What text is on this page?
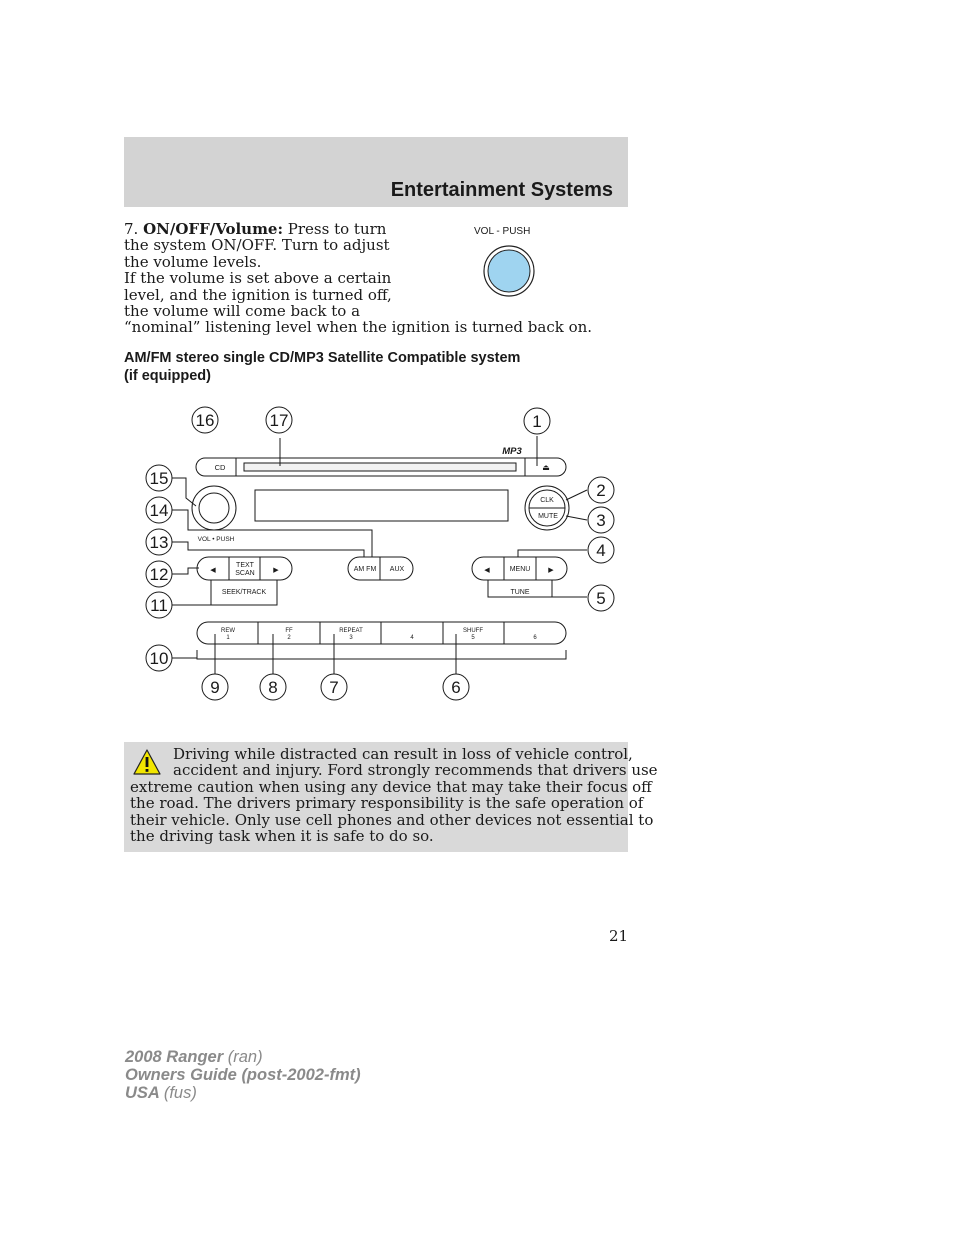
Entertainment Systems
7. ON/OFF/Volume: Press to turn
the system ON/OFF. Turn to adjust
the volume levels.
If the volume is set above a certain
level, and the ignition is turned off,
the volume will come back to a
“nominal” listening level when the ignition is turned back on.
VOL - PUSH
AM/FM stereo single CD/MP3 Satellite Compatible system
(if equipped)
CD	⏏
MP3
CLK
MUTE
VOL • PUSH
◀	▶
TEXT
SCAN
SEEK/TRACK
AM FM AUX	◀	▶
MENU
TUNE
REW
1
FF
2
REPEAT
3	4
SHUFF
5	6
1
2
3
4
5
6
7
8
9
10
11
12
13
14
15
16	17
Driving while distracted can result in loss of vehicle control,
accident and injury. Ford strongly recommends that drivers use
extreme caution when using any device that may take their focus off
the road. The drivers primary responsibility is the safe operation of
their vehicle. Only use cell phones and other devices not essential to
the driving task when it is safe to do so.
21
2008 Ranger (ran)
Owners Guide (post-2002-fmt)
USA (fus)
